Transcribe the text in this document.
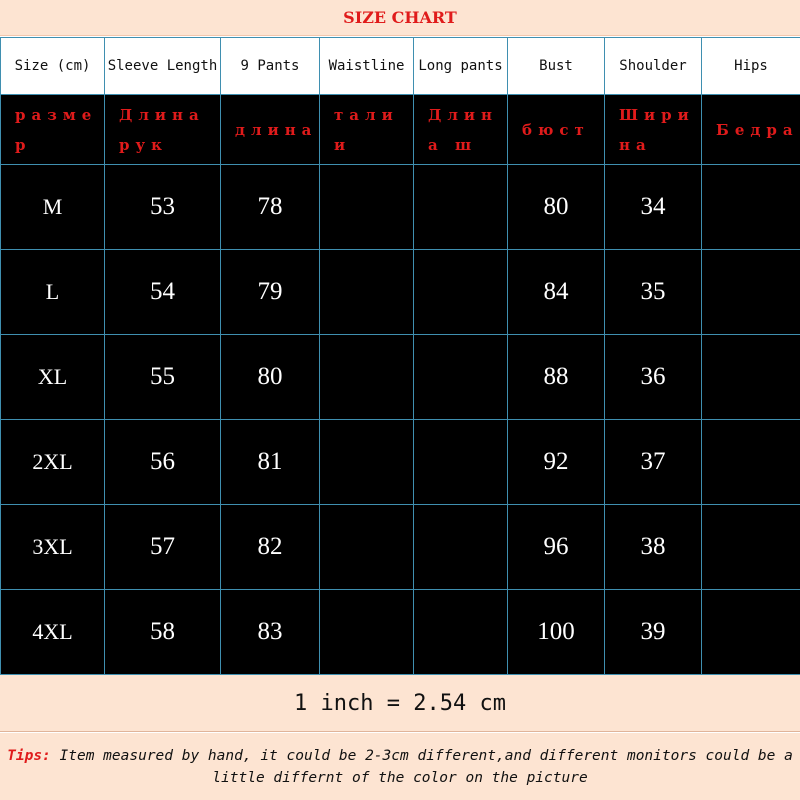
SIZE CHART
Size (cm)	Sleeve Length	9 Pants	Waistline	Long pants	Bust	Shoulder	Hips
размер	Длина рук	длина	талии	Длина ш	бюст	Ширина	Бедра
M	53	78			80	34	
L	54	79			84	35	
XL	55	80			88	36	
2XL	56	81			92	37	
3XL	57	82			96	38	
4XL	58	83			100	39	
1 inch = 2.54 cm
Tips: Item measured by hand, it could be 2-3cm different,and different monitors could be a little differnt of the color on the picture
